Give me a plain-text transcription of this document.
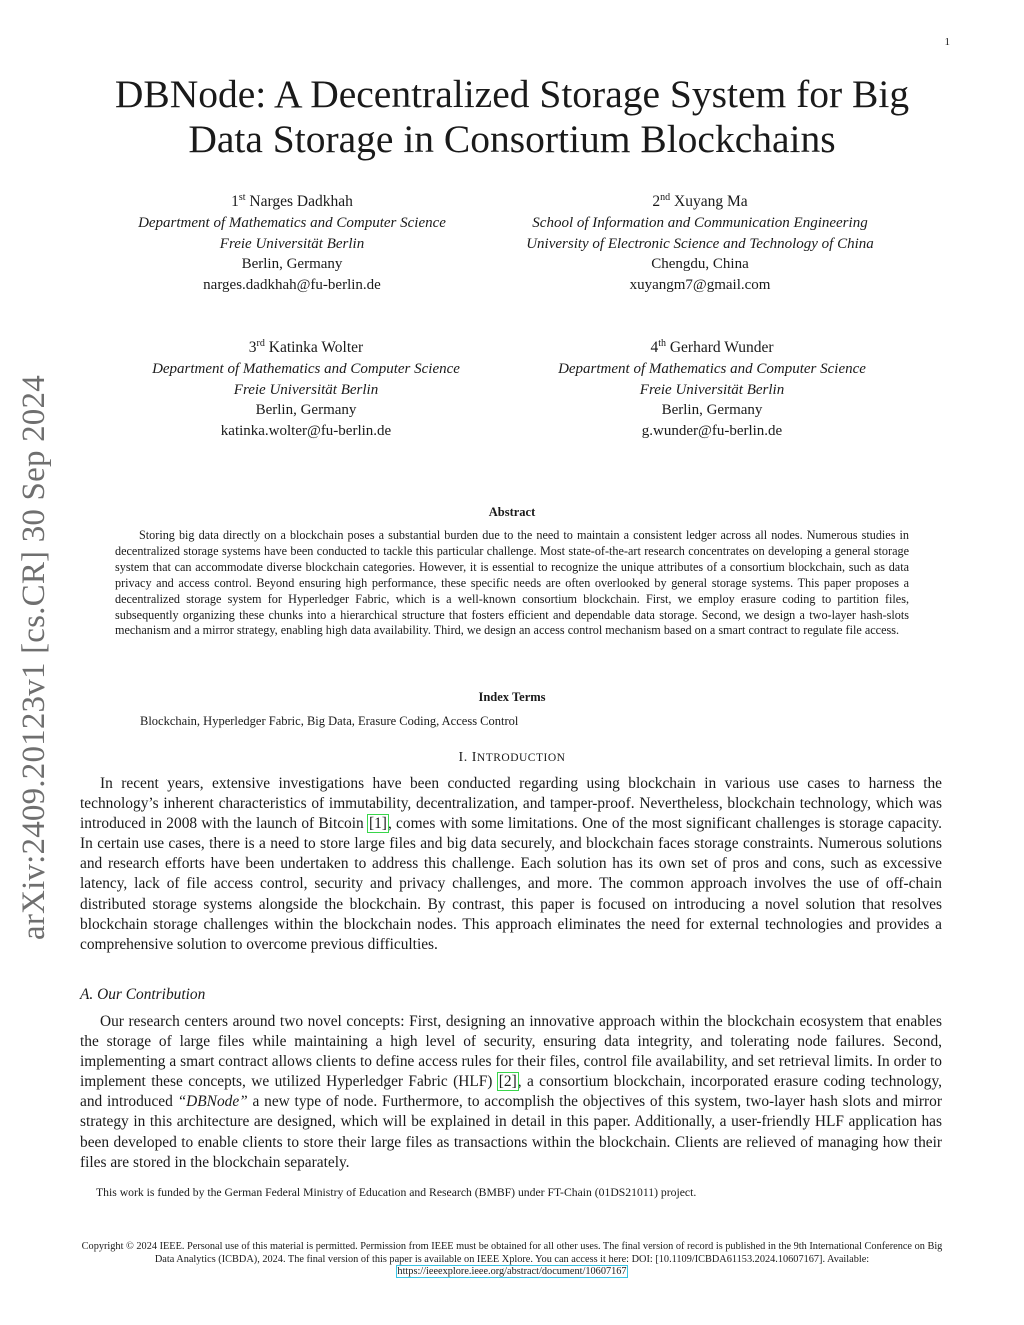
1
arXiv:2409.20123v1 [cs.CR] 30 Sep 2024
DBNode: A Decentralized Storage System for Big
Data Storage in Consortium Blockchains
1st Narges Dadkhah
Department of Mathematics and Computer Science
Freie Universität Berlin
Berlin, Germany
narges.dadkhah@fu-berlin.de
2nd Xuyang Ma
School of Information and Communication Engineering
University of Electronic Science and Technology of China
Chengdu, China
xuyangm7@gmail.com
3rd Katinka Wolter
Department of Mathematics and Computer Science
Freie Universität Berlin
Berlin, Germany
katinka.wolter@fu-berlin.de
4th Gerhard Wunder
Department of Mathematics and Computer Science
Freie Universität Berlin
Berlin, Germany
g.wunder@fu-berlin.de
Abstract
Storing big data directly on a blockchain poses a substantial burden due to the need to maintain a consistent ledger across all nodes. Numerous studies in decentralized storage systems have been conducted to tackle this particular challenge. Most state-of-the-art research concentrates on developing a general storage system that can accommodate diverse blockchain categories. However, it is essential to recognize the unique attributes of a consortium blockchain, such as data privacy and access control. Beyond ensuring high performance, these specific needs are often overlooked by general storage systems. This paper proposes a decentralized storage system for Hyperledger Fabric, which is a well-known consortium blockchain. First, we employ erasure coding to partition files, subsequently organizing these chunks into a hierarchical structure that fosters efficient and dependable data storage. Second, we design a two-layer hash-slots mechanism and a mirror strategy, enabling high data availability. Third, we design an access control mechanism based on a smart contract to regulate file access.
Index Terms
Blockchain, Hyperledger Fabric, Big Data, Erasure Coding, Access Control
I. INTRODUCTION
In recent years, extensive investigations have been conducted regarding using blockchain in various use cases to harness the technology’s inherent characteristics of immutability, decentralization, and tamper-proof. Nevertheless, blockchain technology, which was introduced in 2008 with the launch of Bitcoin [1], comes with some limitations. One of the most significant challenges is storage capacity. In certain use cases, there is a need to store large files and big data securely, and blockchain faces storage constraints. Numerous solutions and research efforts have been undertaken to address this challenge. Each solution has its own set of pros and cons, such as excessive latency, lack of file access control, security and privacy challenges, and more. The common approach involves the use of off-chain distributed storage systems alongside the blockchain. By contrast, this paper is focused on introducing a novel solution that resolves blockchain storage challenges within the blockchain nodes. This approach eliminates the need for external technologies and provides a comprehensive solution to overcome previous difficulties.
A. Our Contribution
Our research centers around two novel concepts: First, designing an innovative approach within the blockchain ecosystem that enables the storage of large files while maintaining a high level of security, ensuring data integrity, and tolerating node failures. Second, implementing a smart contract allows clients to define access rules for their files, control file availability, and set retrieval limits. In order to implement these concepts, we utilized Hyperledger Fabric (HLF) [2], a consortium blockchain, incorporated erasure coding technology, and introduced “DBNode” a new type of node. Furthermore, to accomplish the objectives of this system, two-layer hash slots and mirror strategy in this architecture are designed, which will be explained in detail in this paper. Additionally, a user-friendly HLF application has been developed to enable clients to store their large files as transactions within the blockchain. Clients are relieved of managing how their files are stored in the blockchain separately.
This work is funded by the German Federal Ministry of Education and Research (BMBF) under FT-Chain (01DS21011) project.
Copyright © 2024 IEEE. Personal use of this material is permitted. Permission from IEEE must be obtained for all other uses. The final version of record is published in the 9th International Conference on Big Data Analytics (ICBDA), 2024. The final version of this paper is available on IEEE Xplore. You can access it here: DOI: [10.1109/ICBDA61153.2024.10607167]. Available: https://ieeexplore.ieee.org/abstract/document/10607167
